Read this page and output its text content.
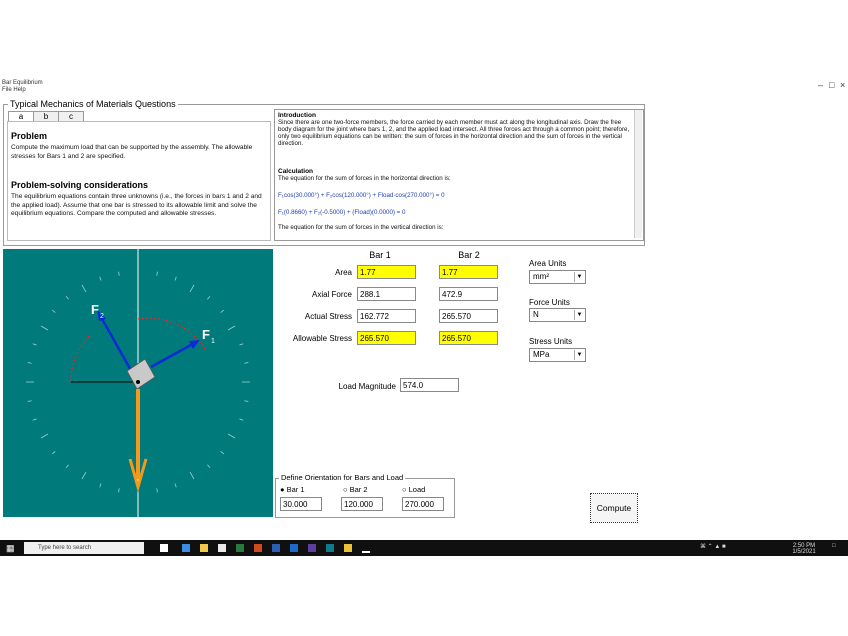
Bar Equilibrium
File Help	– □ ×
Typical Mechanics of Materials Questions
a	b	c
Problem
Compute the maximum load that can be supported by the assembly. The allowable stresses for Bars 1 and 2 are specified.
Problem-solving considerations
The equilibrium equations contain three unknowns (i.e., the forces in bars 1 and 2 and the applied load). Assume that one bar is stressed to its allowable limit and solve the equilibrium equations. Compare the computed and allowable stresses.
Introduction
Since there are one two-force members, the force carried by each member must act along the longitudinal axis. Draw the free body diagram for the joint where bars 1, 2, and the applied load intersect. All three forces act through a common point; therefore, only two equilibrium equations can be written: the sum of forces in the horizontal direction and the sum of forces in the vertical direction.
Calculation
The equation for the sum of forces in the horizontal direction is:
F₁cos(30.000°) + F₂cos(120.000°) + Fload·cos(270.000°) = 0
F₁(0.8660) + F₂(-0.5000) + (Fload)(0.0000) = 0
The equation for the sum of forces in the vertical direction is:
F 2
F 1
Bar 1	Bar 2
Area	1.77	1.77
Axial Force	288.1	472.9
Actual Stress	162.772	265.570
Allowable Stress	265.570	265.570
Load Magnitude 574.0
Area Units
mm²	▼
Force Units
N	▼
Stress Units
MPa	▼
Define Orientation for Bars and Load
● Bar 1	○ Bar 2	○ Load
30.000	120.000	270.000	Compute
▦	Type here to search	⌘ ⌃ ▲ ■	2:50 PM
1/5/2021
□
